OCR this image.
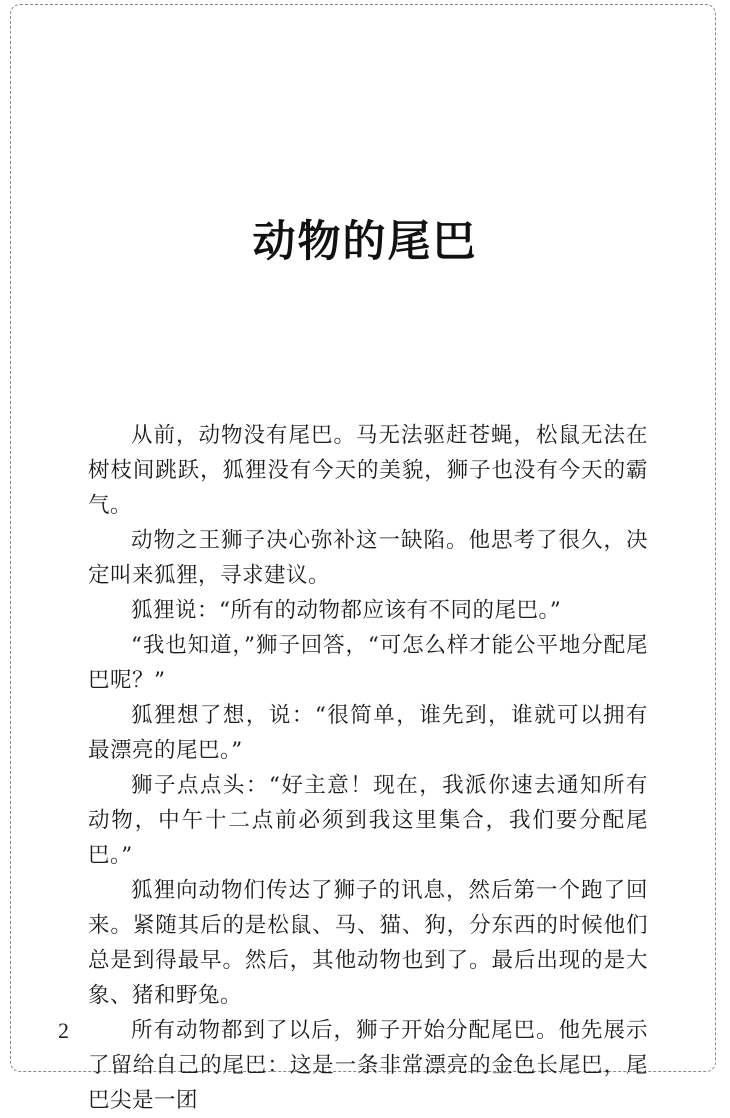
动物的尾巴

从前，动物没有尾巴。马无法驱赶苍蝇，松鼠无法在树枝间跳跃，狐狸没有今天的美貌，狮子也没有今天的霸气。

动物之王狮子决心弥补这一缺陷。他思考了很久，决定叫来狐狸，寻求建议。

狐狸说：“所有的动物都应该有不同的尾巴。”

“我也知道，”狮子回答，“可怎么样才能公平地分配尾巴呢？”

狐狸想了想，说：“很简单，谁先到，谁就可以拥有最漂亮的尾巴。”

狮子点点头：“好主意！现在，我派你速去通知所有动物，中午十二点前必须到我这里集合，我们要分配尾巴。”

狐狸向动物们传达了狮子的讯息，然后第一个跑了回来。紧随其后的是松鼠、马、猫、狗，分东西的时候他们总是到得最早。然后，其他动物也到了。最后出现的是大象、猪和野兔。

所有动物都到了以后，狮子开始分配尾巴。他先展示了留给自己的尾巴：这是一条非常漂亮的金色长尾巴，尾巴尖是一团

2
